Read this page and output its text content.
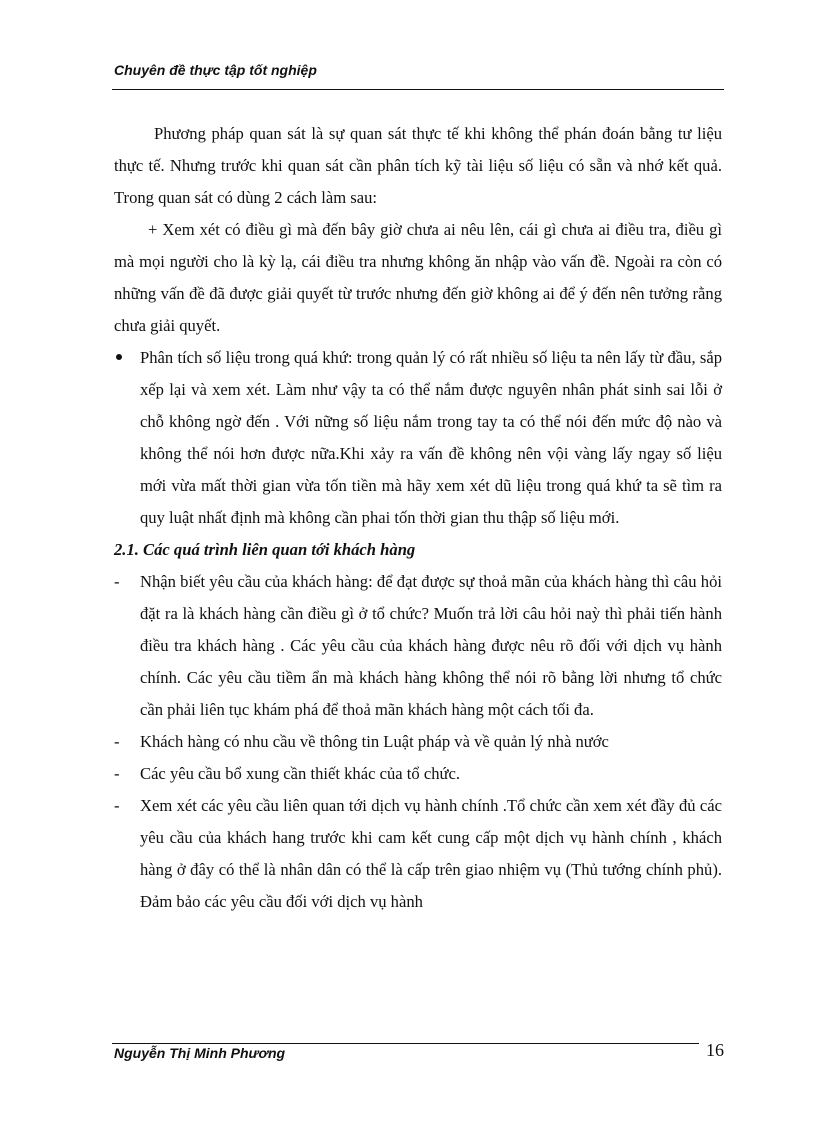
Chuyên đề thực tập tốt nghiệp

Phương pháp quan sát là sự quan sát thực tế khi không thể phán đoán bằng tư liệu thực tế. Nhưng trước khi quan sát cần phân tích kỹ tài liệu số liệu có sẵn và nhớ kết quả. Trong quan sát có dùng 2 cách làm sau:

+ Xem xét có điều gì mà đến bây giờ chưa ai nêu lên, cái gì chưa ai điều tra, điều gì mà mọi người cho là kỳ lạ, cái điều tra nhưng không ăn nhập vào vấn đề. Ngoài ra còn có những vấn đề đã được giải quyết từ trước nhưng đến giờ không ai để ý đến nên tưởng rằng chưa giải quyết.

Phân tích số liệu trong quá khứ: trong quản lý có rất nhiều số liệu ta nên lấy từ đầu, sắp xếp lại và xem xét. Làm như vậy ta có thể nắm được nguyên nhân phát sinh sai lỗi ở chỗ không ngờ đến . Với nững số liệu nắm trong tay ta có thể nói đến mức độ nào và không thể nói hơn được nữa.Khi xảy ra vấn đề không nên vội vàng lấy ngay số liệu mới vừa mất thời gian vừa tốn tiền mà hãy xem xét dũ liệu trong quá khứ ta sẽ tìm ra quy luật nhất định mà không cần phai tốn thời gian thu thập số liệu mới.

2.1. Các quá trình liên quan tới khách hàng

-	Nhận biết yêu cầu của khách hàng: để đạt được sự thoả mãn của khách hàng thì câu hỏi đặt ra là khách hàng cần điều gì ở tổ chức? Muốn trả lời câu hỏi naỳ thì phải tiến hành điều tra khách hàng . Các yêu cầu của khách hàng được nêu rõ đối với dịch vụ hành chính. Các yêu cầu tiềm ẩn mà khách hàng không thể nói rõ bằng lời nhưng tổ chức cần phải liên tục khám phá để thoả mãn khách hàng một cách tối đa.
-	Khách hàng có nhu cầu về thông tin Luật pháp và về quản lý nhà nước
-	Các yêu cầu bổ xung cần thiết khác của tổ chức.
-	Xem xét các yêu cầu liên quan tới dịch vụ hành chính .Tổ chức cần xem xét đầy đủ các yêu cầu của khách hang trước khi cam kết cung cấp một dịch vụ hành chính , khách hàng ở đây có thể là nhân dân có thể là cấp trên giao nhiệm vụ (Thủ tướng chính phủ). Đảm bảo các yêu cầu đối với dịch vụ hành
Nguyễn Thị Minh Phương	16
